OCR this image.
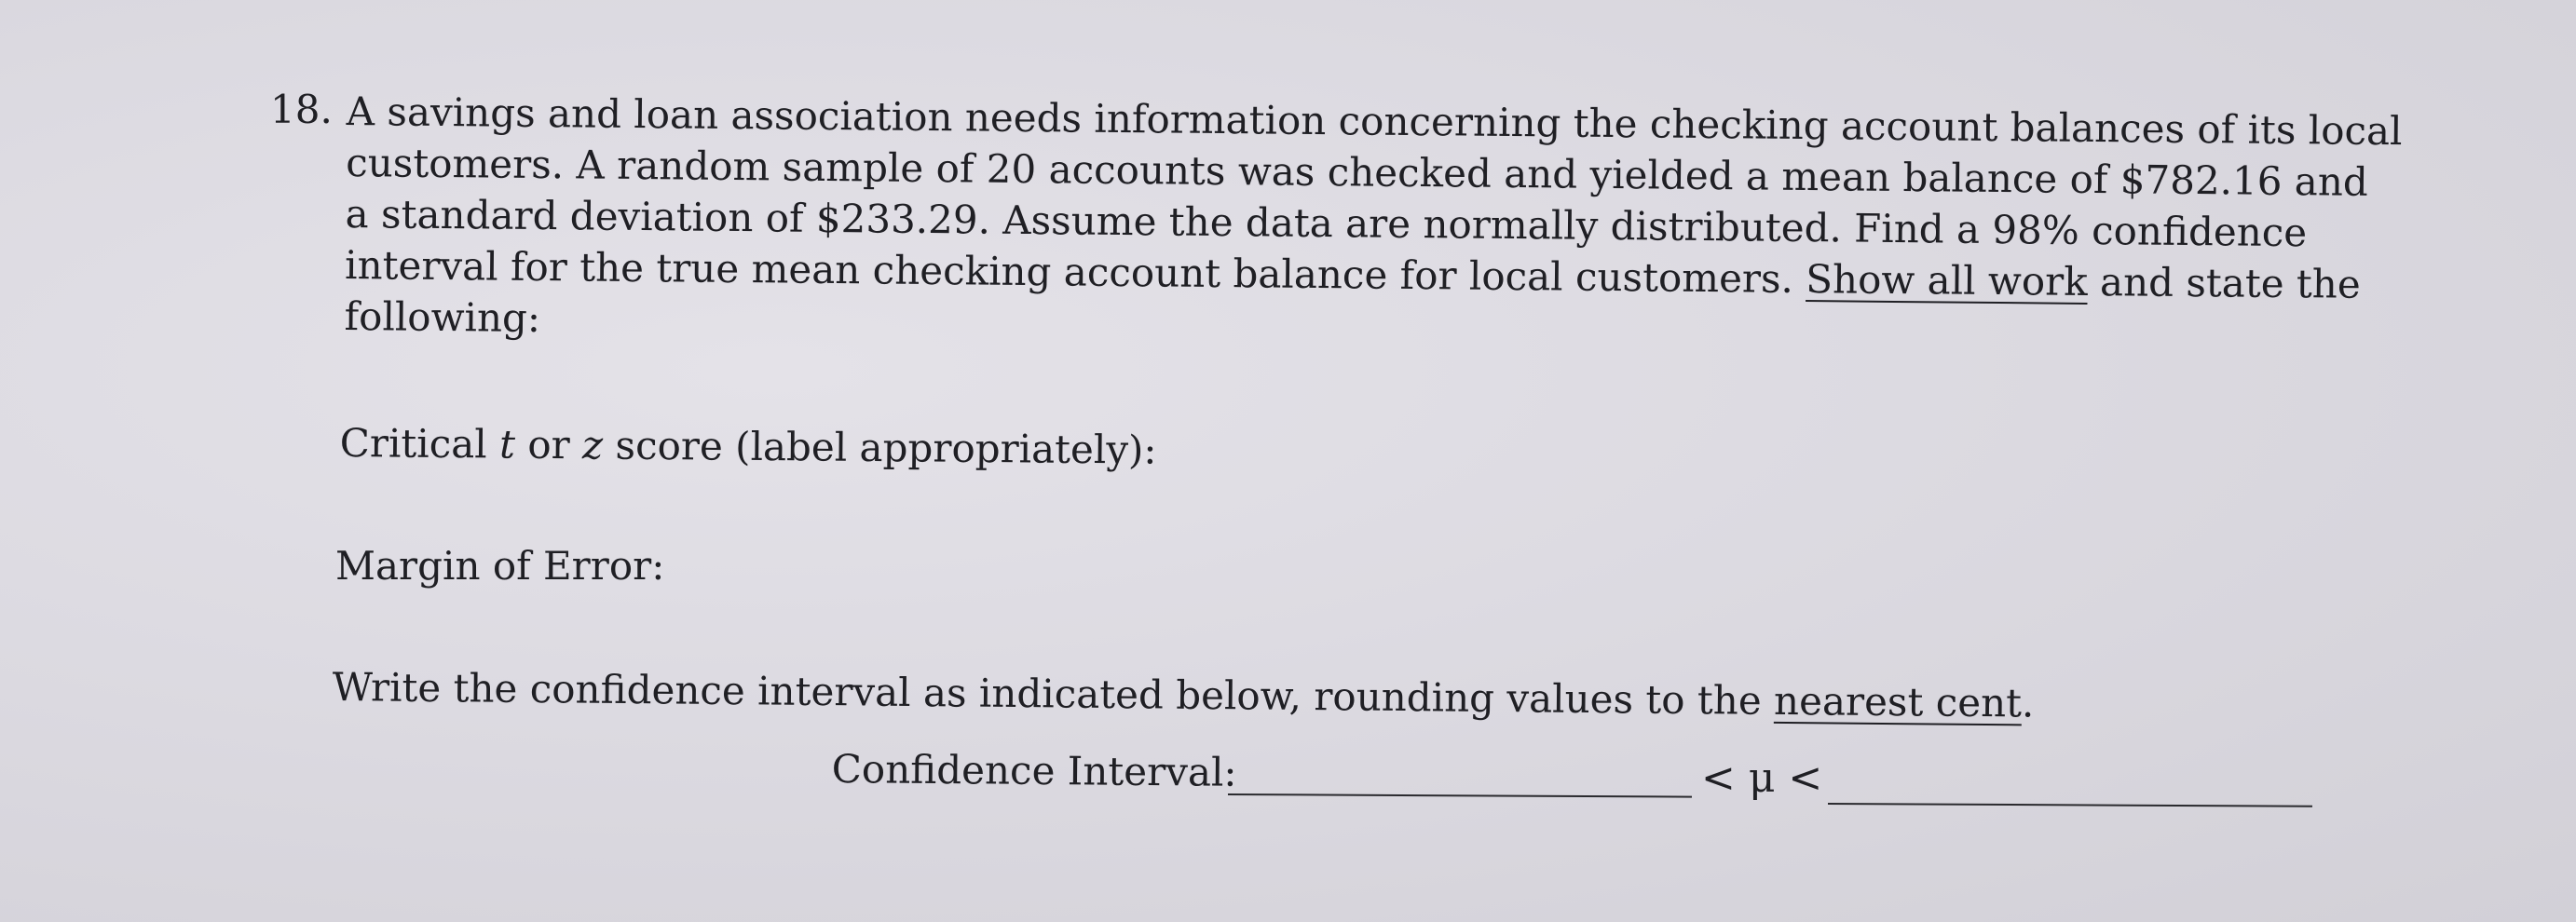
18. A savings and loan association needs information concerning the checking account balances of its local
customers. A random sample of 20 accounts was checked and yielded a mean balance of $782.16 and
a standard deviation of $233.29. Assume the data are normally distributed. Find a 98% confidence
interval for the true mean checking account balance for local customers. Show all work and state the
following:
Critical t or z score (label appropriately):
Margin of Error:
Write the confidence interval as indicated below, rounding values to the nearest cent.
Confidence Interval:	< μ <
